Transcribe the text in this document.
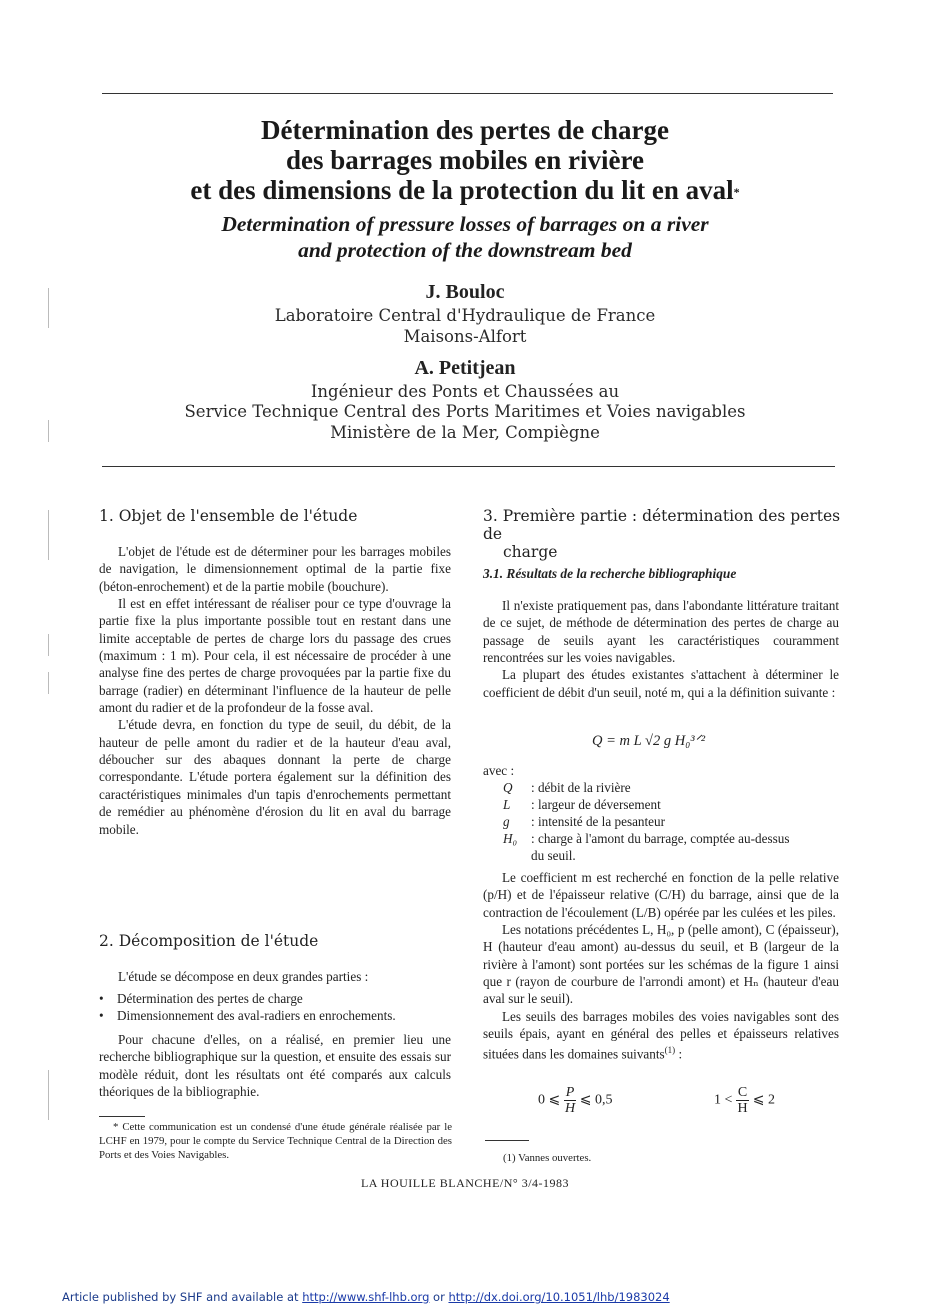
Détermination des pertes de charge
des barrages mobiles en rivière
et des dimensions de la protection du lit en aval*
Determination of pressure losses of barrages on a river
and protection of the downstream bed
J. Bouloc
Laboratoire Central d'Hydraulique de France
Maisons-Alfort
A. Petitjean
Ingénieur des Ponts et Chaussées au
Service Technique Central des Ports Maritimes et Voies navigables
Ministère de la Mer, Compiègne
1. Objet de l'ensemble de l'étude

L'objet de l'étude est de déterminer pour les barrages mobiles de navigation, le dimensionnement optimal de la partie fixe (béton-enrochement) et de la partie mobile (bouchure).

Il est en effet intéressant de réaliser pour ce type d'ouvrage la partie fixe la plus importante possible tout en restant dans une limite acceptable de pertes de charge lors du passage des crues (maximum : 1 m). Pour cela, il est nécessaire de procéder à une analyse fine des pertes de charge provoquées par la partie fixe du barrage (radier) en déterminant l'influence de la hauteur de pelle amont du radier et de la profondeur de la fosse aval.

L'étude devra, en fonction du type de seuil, du débit, de la hauteur de pelle amont du radier et de la hauteur d'eau aval, déboucher sur des abaques donnant la perte de charge correspondante. L'étude portera également sur la définition des caractéristiques minimales d'un tapis d'enrochements permettant de remédier au phénomène d'érosion du lit en aval du barrage mobile.

2. Décomposition de l'étude

L'étude se décompose en deux grandes parties :

• Détermination des pertes de charge
• Dimensionnement des aval-radiers en enrochements.

Pour chacune d'elles, on a réalisé, en premier lieu une recherche bibliographique sur la question, et ensuite des essais sur modèle réduit, dont les résultats ont été comparés aux calculs théoriques de la bibliographie.

* Cette communication est un condensé d'une étude générale réalisée par le LCHF en 1979, pour le compte du Service Technique Central de la Direction des Ports et des Voies Navigables.
3. Première partie : détermination des pertes de
charge
3.1. Résultats de la recherche bibliographique

Il n'existe pratiquement pas, dans l'abondante littérature traitant de ce sujet, de méthode de détermination des pertes de charge au passage de seuils ayant les caractéristiques couramment rencontrées sur les voies navigables.

La plupart des études existantes s'attachent à déterminer le coefficient de débit d'un seuil, noté m, qui a la définition suivante :

Q = m L √2 g H₀³ᐟ²
avec :
Q : débit de la rivière
L : largeur de déversement
g : intensité de la pesanteur
H₀ : charge à l'amont du barrage, comptée au-dessus
du seuil.

Le coefficient m est recherché en fonction de la pelle relative (p/H) et de l'épaisseur relative (C/H) du barrage, ainsi que de la contraction de l'écoulement (L/B) opérée par les culées et les piles.

Les notations précédentes L, H₀, p (pelle amont), C (épaisseur), H (hauteur d'eau amont) au-dessus du seuil, et B (largeur de la rivière à l'amont) sont portées sur les schémas de la figure 1 ainsi que r (rayon de courbure de l'arrondi amont) et Hₙ (hauteur d'eau aval sur le seuil).

Les seuils des barrages mobiles des voies navigables sont des seuils épais, ayant en général des pelles et épaisseurs relatives situées dans les domaines suivants$^{(1)}$ :

0 ⩽ $\frac{P}{H}$ ⩽ 0,5	$1 < \frac{C}{H}$ ⩽ 2
(1) Vannes ouvertes.
LA HOUILLE BLANCHE/N° 3/4-1983
Article published by SHF and available at http://www.shf-lhb.org or http://dx.doi.org/10.1051/lhb/1983024
